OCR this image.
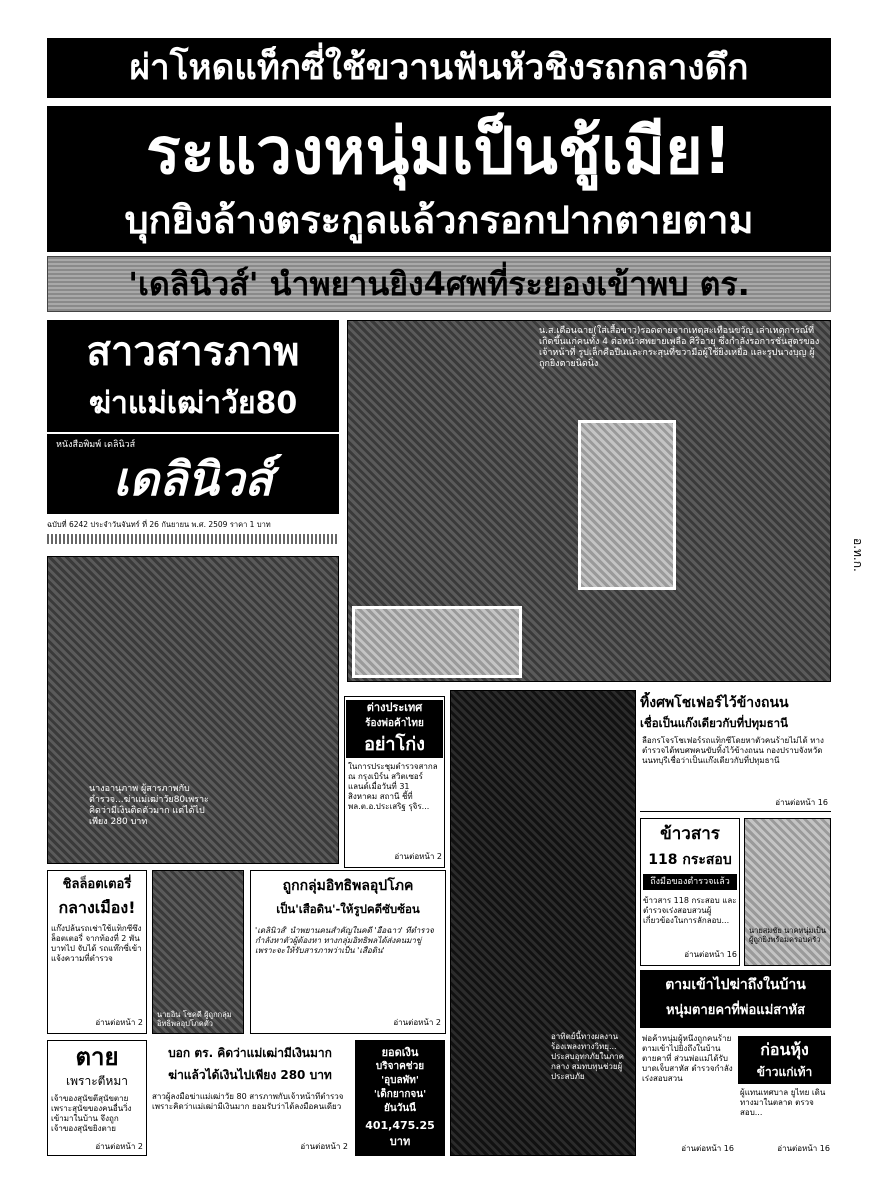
ผ่าโหดแท็กซี่ใช้ขวานฟันหัวชิงรถกลางดึก
ระแวงหนุ่มเป็นชู้เมีย!
บุกยิงล้างตระกูลแล้วกรอกปากตายตาม
'เดลินิวส์' นำพยานยิง4ศพที่ระยองเข้าพบ ตร.
อ.ท.ก.
สาวสารภาพ
ฆ่าแม่เฒ่าวัย80
หนังสือพิมพ์ เดลินิวส์
เดลินิวส์
ฉบับที่ 6242 ประจำวันจันทร์ ที่ 26 กันยายน พ.ศ. 2509 ราคา 1 บาท
น.ส.เดือนฉาย(ใส่เสื้อขาว)รอดตายจากเหตุสะเทือนขวัญ เล่าเหตุการณ์ที่เกิดขึ้นแก่คนทั้ง 4 ต่อหน้าศพยายเพลือ ศิริอายุ ซึ่งกำลังรอการชันสูตรของเจ้าหน้าที่ รูปเล็กคือปืนและกระสุนที่ขวามือผู้ใช้ยิงเหยื่อ และรูปนางบุญ ผู้ถูกยิงตายนิดนิ่ง
นางอานุภาพ ผู้สารภาพกับตำรวจ...ฆ่าแม่เฒ่าวัย80เพราะคิดว่ามีเงินติดตัวมาก แต่ได้ไปเพียง 280 บาท
ต่างประเทศ
ร้องพ่อค้าไทย
อย่าโก่ง
ในการประชุมตำรวจสากล ณ กรุงเบิร์น สวิตเซอร์แลนด์เมื่อวันที่ 31 สิงหาคม สถานี ชี้ที่ พล.ต.อ.ประเสริฐ รุจิร...
อ่านต่อหน้า 2
อาทิตย์นี้ทางผลงาน ร้องเพลงทางวิทยุ... ประสบอุทกภัยในภาคกลาง สมทบทุนช่วยผู้ประสบภัย
ทิ้งศพโชเฟอร์ไว้ข้างถนน
เชื่อเป็นแก๊งเดียวกับที่ปทุมธานี
ลือกรโจรโชเฟอร์รถแท็กซี่โดยหาตัวคนร้ายไม่ได้ ทางตำรวจได้พบศพคนขับทิ้งไว้ข้างถนน กองปราบจังหวัดนนทบุรีเชื่อว่าเป็นแก๊งเดียวกับที่ปทุมธานี
อ่านต่อหน้า 16
ข้าวสาร
118 กระสอบ
ถึงมือของตำรวจแล้ว
ข้าวสาร 118 กระสอบ และ ตำรวจเร่งสอบสวนผู้เกี่ยวข้องในการลักลอบ...
อ่านต่อหน้า 16
นายสมชัย นาคหนุ่มเป็นผู้ถูกยิงพร้อมครอบครัว
ตามเข้าไปฆ่าถึงในบ้าน
หนุ่มตายคาที่พ่อแม่สาหัส
พ่อค้าหนุ่มผู้หนึ่งถูกคนร้ายตามเข้าไปยิงถึงในบ้าน ตายคาที่ ส่วนพ่อแม่ได้รับบาดเจ็บสาหัส ตำรวจกำลังเร่งสอบสวน
อ่านต่อหน้า 16
ก่อนหุ้ง
ข้าวแก่เท้า
ผู้แทนเทศบาล ยูไทย เดินทางมาในตลาด ตรวจสอบ...
อ่านต่อหน้า 16
ชิลล็อตเตอรี่
กลางเมือง!
แก๊งปล้นรถเช่าใช้แท็กซี่ซึ่งล็อตเตอรี่ จากท้องที่ 2 พันบาทไป จับได้ รถแท๊กซี่เข้าแจ้งความที่ตำรวจ
อ่านต่อหน้า 2
นายอิน โชคดี ผู้ถูกกลุ่มอิทธิพลอุปโภคตัว
ถูกกลุ่มอิทธิพลอุปโภค
เป็น'เสือดิน'-ให้รูปคดีซับซ้อน
'เดลินิวส์' นำพยานคนสำคัญในคดี 'อื้อฉาว' ที่ตำรวจกำลังหาตัวผู้ต้องหา ทางกลุ่มอิทธิพลได้ส่งคนมาขู่ เพราะจะให้รับสารภาพว่าเป็น 'เสือดิน'
อ่านต่อหน้า 2
ตาย
เพราะตีหมา
เจ้าของสุนัขตีสุนัขตาย เพราะสุนัขของคนอื่นวิ่งเข้ามาในบ้าน จึงถูกเจ้าของสุนัขยิงตาย
อ่านต่อหน้า 2
บอก ตร. คิดว่าแม่เฒ่ามีเงินมาก
ฆ่าแล้วได้เงินไปเพียง 280 บาท
สาวผู้ลงมือฆ่าแม่เฒ่าวัย 80 สารภาพกับเจ้าหน้าที่ตำรวจ เพราะคิดว่าแม่เฒ่ามีเงินมาก ยอมรับว่าได้ลงมือคนเดียว
อ่านต่อหน้า 2
ยอดเงิน
บริจาคช่วย
'อุบลพัท'
'เด็กยากจน'
ยันวันนี้
401,475.25
บาท
